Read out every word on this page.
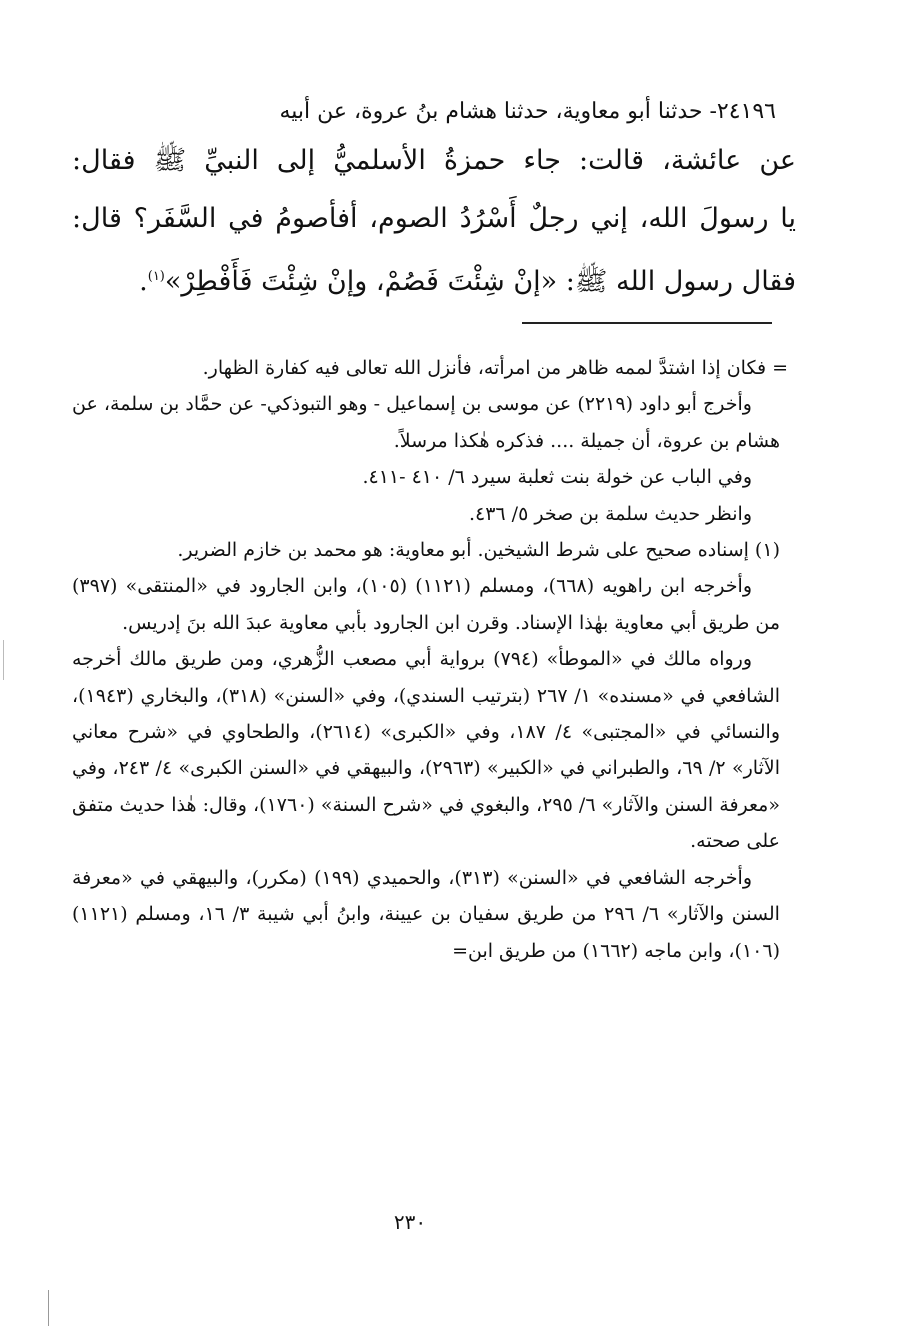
٢٤١٩٦- حدثنا أبو معاوية، حدثنا هشام بنُ عروة، عن أبيه
عن عائشة، قالت: جاء حمزةُ الأسلميُّ إلى النبيِّ ﷺ فقال:
يا رسولَ الله، إني رجلٌ أَسْرُدُ الصوم، أفأصومُ في السَّفَر؟ قال:
فقال رسول الله ﷺ: «إنْ شِئْتَ فَصُمْ، وإنْ شِئْتَ فَأَفْطِرْ»$^{(١)}$.

= فكان إذا اشتدَّ لممه ظاهر من امرأته، فأنزل الله تعالى فيه كفارة الظهار.

وأخرج أبو داود (٢٢١٩) عن موسى بن إسماعيل - وهو التبوذكي- عن حمَّاد بن سلمة، عن هشام بن عروة، أن جميلة .... فذكره هٰكذا مرسلاً.

وفي الباب عن خولة بنت ثعلبة سيرد ٦/ ٤١٠ -٤١١.

وانظر حديث سلمة بن صخر ٥/ ٤٣٦.

(١) إسناده صحيح على شرط الشيخين. أبو معاوية: هو محمد بن خازم الضرير.

وأخرجه ابن راهويه (٦٦٨)، ومسلم (١١٢١) (١٠٥)، وابن الجارود في «المنتقى» (٣٩٧) من طريق أبي معاوية بهٰذا الإسناد. وقرن ابن الجارود بأبي معاوية عبدَ الله بنَ إدريس.

ورواه مالك في «الموطأ» (٧٩٤) برواية أبي مصعب الزُّهري، ومن طريق مالك أخرجه الشافعي في «مسنده» ١/ ٢٦٧ (بترتيب السندي)، وفي «السنن» (٣١٨)، والبخاري (١٩٤٣)، والنسائي في «المجتبى» ٤/ ١٨٧، وفي «الكبرى» (٢٦١٤)، والطحاوي في «شرح معاني الآثار» ٢/ ٦٩، والطبراني في «الكبير» (٢٩٦٣)، والبيهقي في «السنن الكبرى» ٤/ ٢٤٣، وفي «معرفة السنن والآثار» ٦/ ٢٩٥، والبغوي في «شرح السنة» (١٧٦٠)، وقال: هٰذا حديث متفق على صحته.

وأخرجه الشافعي في «السنن» (٣١٣)، والحميدي (١٩٩) (مكرر)، والبيهقي في «معرفة السنن والآثار» ٦/ ٢٩٦ من طريق سفيان بن عيينة، وابنُ أبي شيبة ٣/ ١٦، ومسلم (١١٢١) (١٠٦)، وابن ماجه (١٦٦٢) من طريق ابن=

٢٣٠
